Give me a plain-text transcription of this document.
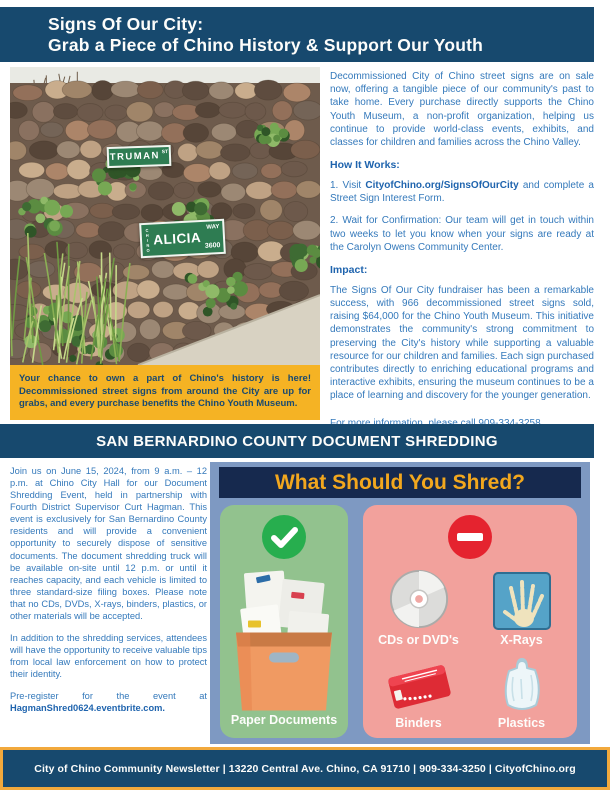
Signs Of Our City:
Grab a Piece of Chino History & Support Our Youth
TRUMAN ST
CHINO ALICIA
WAY
3600
Your chance to own a part of Chino's history is here! Decommissioned street signs from around the City are up for grabs, and every purchase benefits the Chino Youth Museum.

Decommissioned City of Chino street signs are on sale now, offering a tangible piece of our community's past to take home. Every purchase directly supports the Chino Youth Museum, a non-profit organization, helping us continue to provide world-class events, exhibits, and classes for children and families across the Chino Valley.

How It Works:

1. Visit CityofChino.org/SignsOfOurCity and complete a Street Sign Interest Form.

2. Wait for Confirmation: Our team will get in touch within two weeks to let you know when your signs are ready at the Carolyn Owens Community Center.

Impact:

The Signs Of Our City fundraiser has been a remarkable success, with 966 decommissioned street signs sold, raising $64,000 for the Chino Youth Museum. This initiative demonstrates the community's strong commitment to preserving the City's history while supporting a valuable resource for our children and families. Each sign purchased contributes directly to enriching educational programs and interactive exhibits, ensuring the museum continues to be a place of learning and discovery for the younger generation.

SAN BERNARDINO COUNTY DOCUMENT SHREDDING

Join us on June 15, 2024, from 9 a.m. – 12 p.m. at Chino City Hall for our Document Shredding Event, held in partnership with Fourth District Supervisor Curt Hagman. This event is exclusively for San Bernardino County residents and will provide a convenient opportunity to securely dispose of sensitive documents. The document shredding truck will be available on-site until 12 p.m. or until it reaches capacity, and each vehicle is limited to three standard-size filing boxes. Please note that no CDs, DVDs, X-rays, binders, plastics, or other materials will be accepted.

In addition to the shredding services, attendees will have the opportunity to receive valuable tips from local law enforcement on how to protect their identity.

Pre-register for the event at HagmanShred0624.eventbrite.com.

What Should You Shred?
Paper Documents
CDs or DVD's	X-Rays
Binders	Plastics
City of Chino Community Newsletter | 13220 Central Ave. Chino, CA 91710 | 909-334-3250 | CityofChino.org
